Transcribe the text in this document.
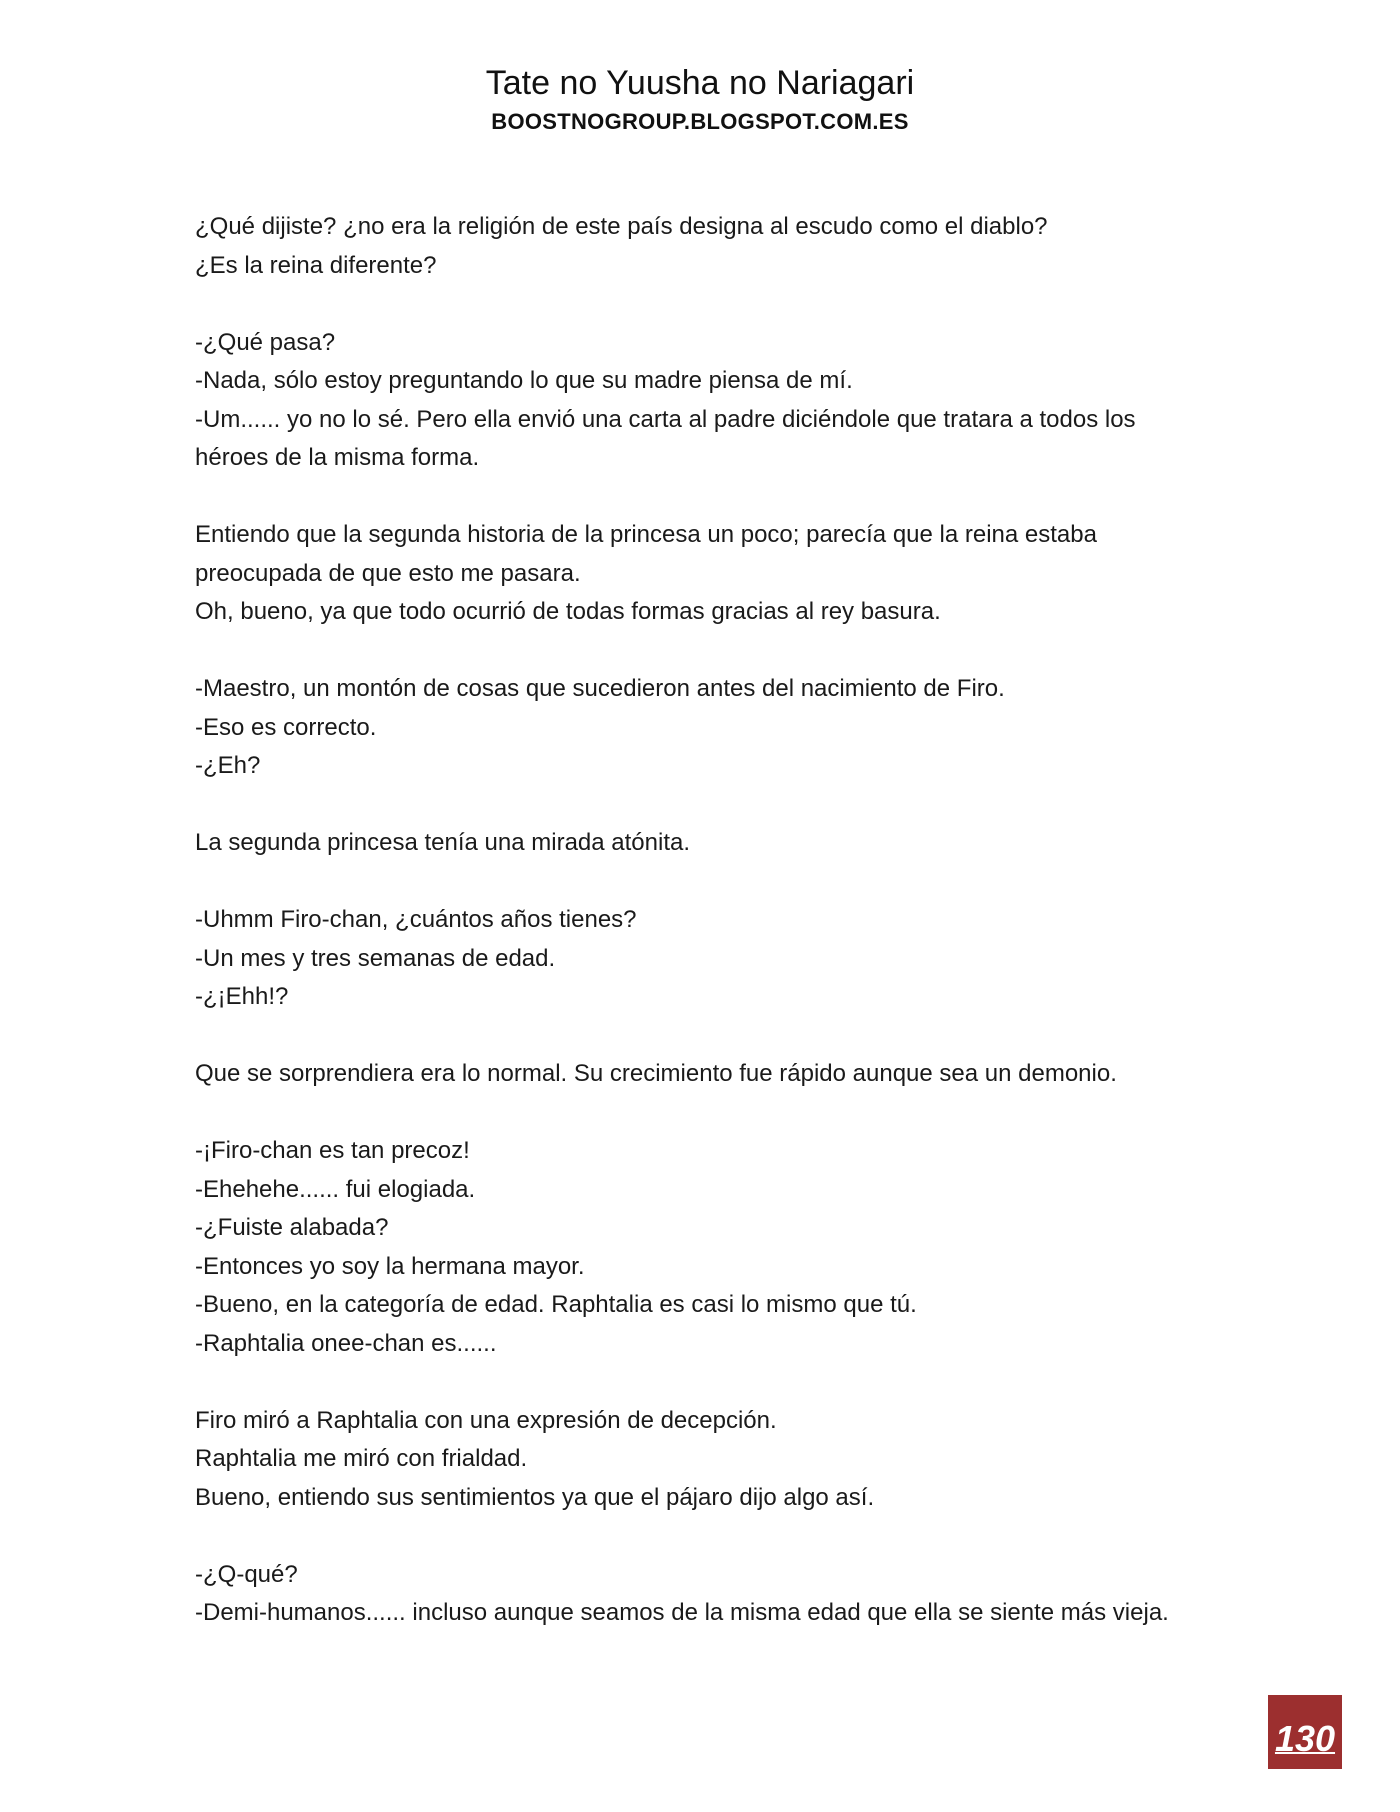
Tate no Yuusha no Nariagari
BOOSTNOGROUP.BLOGSPOT.COM.ES

¿Qué dijiste? ¿no era la religión de este país designa al escudo como el diablo?
¿Es la reina diferente?

-¿Qué pasa?
-Nada, sólo estoy preguntando lo que su madre piensa de mí.
-Um...... yo no lo sé. Pero ella envió una carta al padre diciéndole que tratara a todos los
héroes de la misma forma.

Entiendo que la segunda historia de la princesa un poco; parecía que la reina estaba
preocupada de que esto me pasara.
Oh, bueno, ya que todo ocurrió de todas formas gracias al rey basura.

-Maestro, un montón de cosas que sucedieron antes del nacimiento de Firo.
-Eso es correcto.
-¿Eh?

La segunda princesa tenía una mirada atónita.

-Uhmm Firo-chan, ¿cuántos años tienes?
-Un mes y tres semanas de edad.
-¿¡Ehh!?

Que se sorprendiera era lo normal. Su crecimiento fue rápido aunque sea un demonio.

-¡Firo-chan es tan precoz!
-Ehehehe...... fui elogiada.
-¿Fuiste alabada?
-Entonces yo soy la hermana mayor.
-Bueno, en la categoría de edad. Raphtalia es casi lo mismo que tú.
-Raphtalia onee-chan es......

Firo miró a Raphtalia con una expresión de decepción.
Raphtalia me miró con frialdad.
Bueno, entiendo sus sentimientos ya que el pájaro dijo algo así.

-¿Q-qué?
-Demi-humanos...... incluso aunque seamos de la misma edad que ella se siente más vieja.

130
